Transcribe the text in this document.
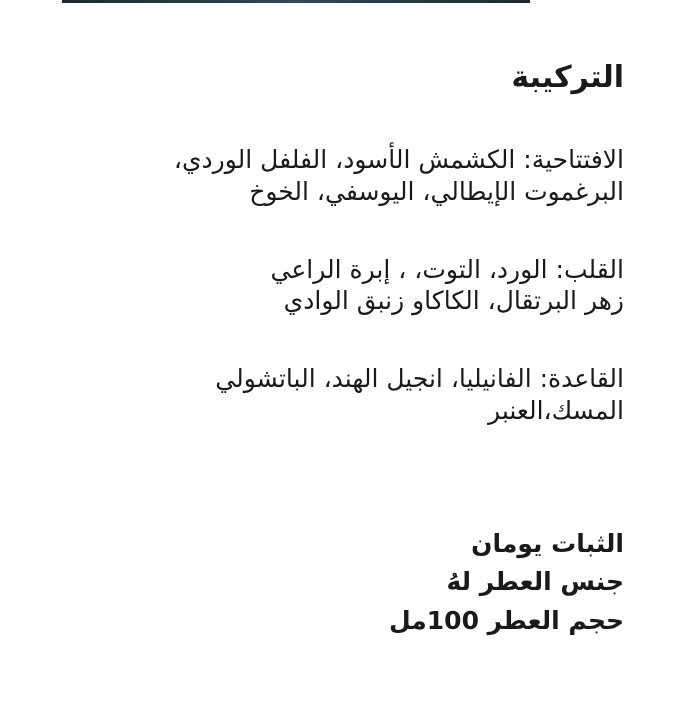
التركيبة
الافتتاحية: الكشمش الأسود، الفلفل الوردي،
البرغموت الإيطالي، اليوسفي، الخوخ
القلب: الورد، التوت، ، إبرة الراعي
زهر البرتقال، الكاكاو زنبق الوادي
القاعدة: الفانيليا، انجيل الهند، الباتشولي
المسك،العنبر

الثبات يومان

جنس العطر لهُ

حجم العطر 100مل
